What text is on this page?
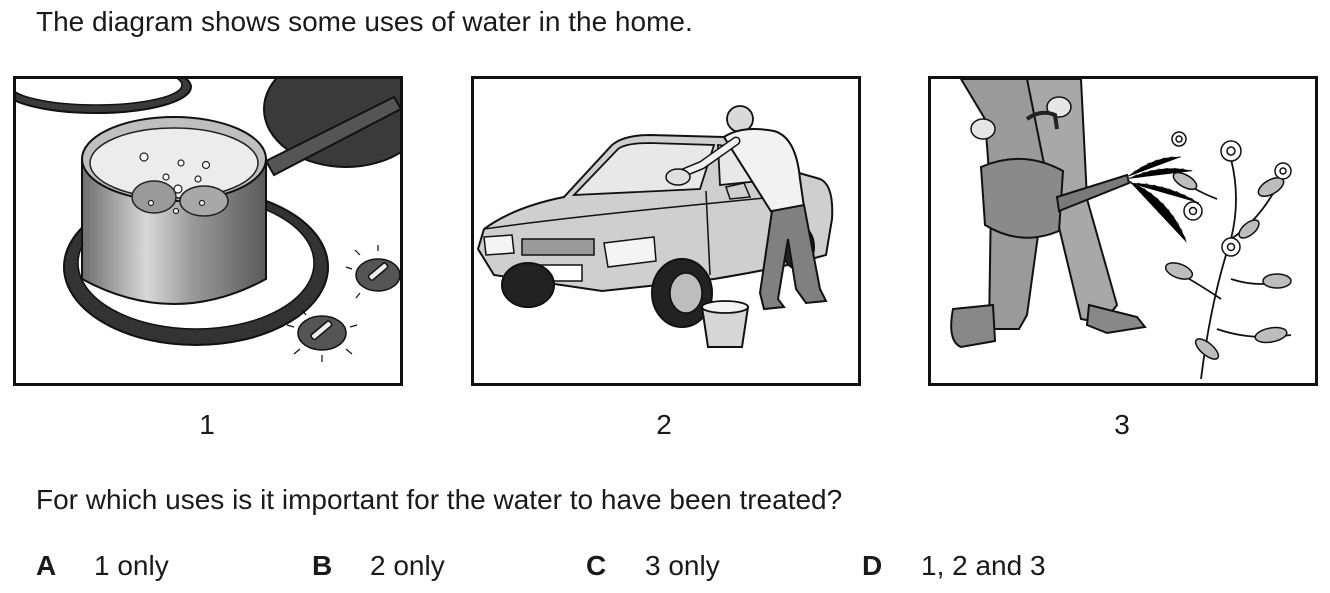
The diagram shows some uses of water in the home.
1	2	3
For which uses is it important for the water to have been treated?
A 1 only	B 2 only	C 3 only	D 1, 2 and 3
